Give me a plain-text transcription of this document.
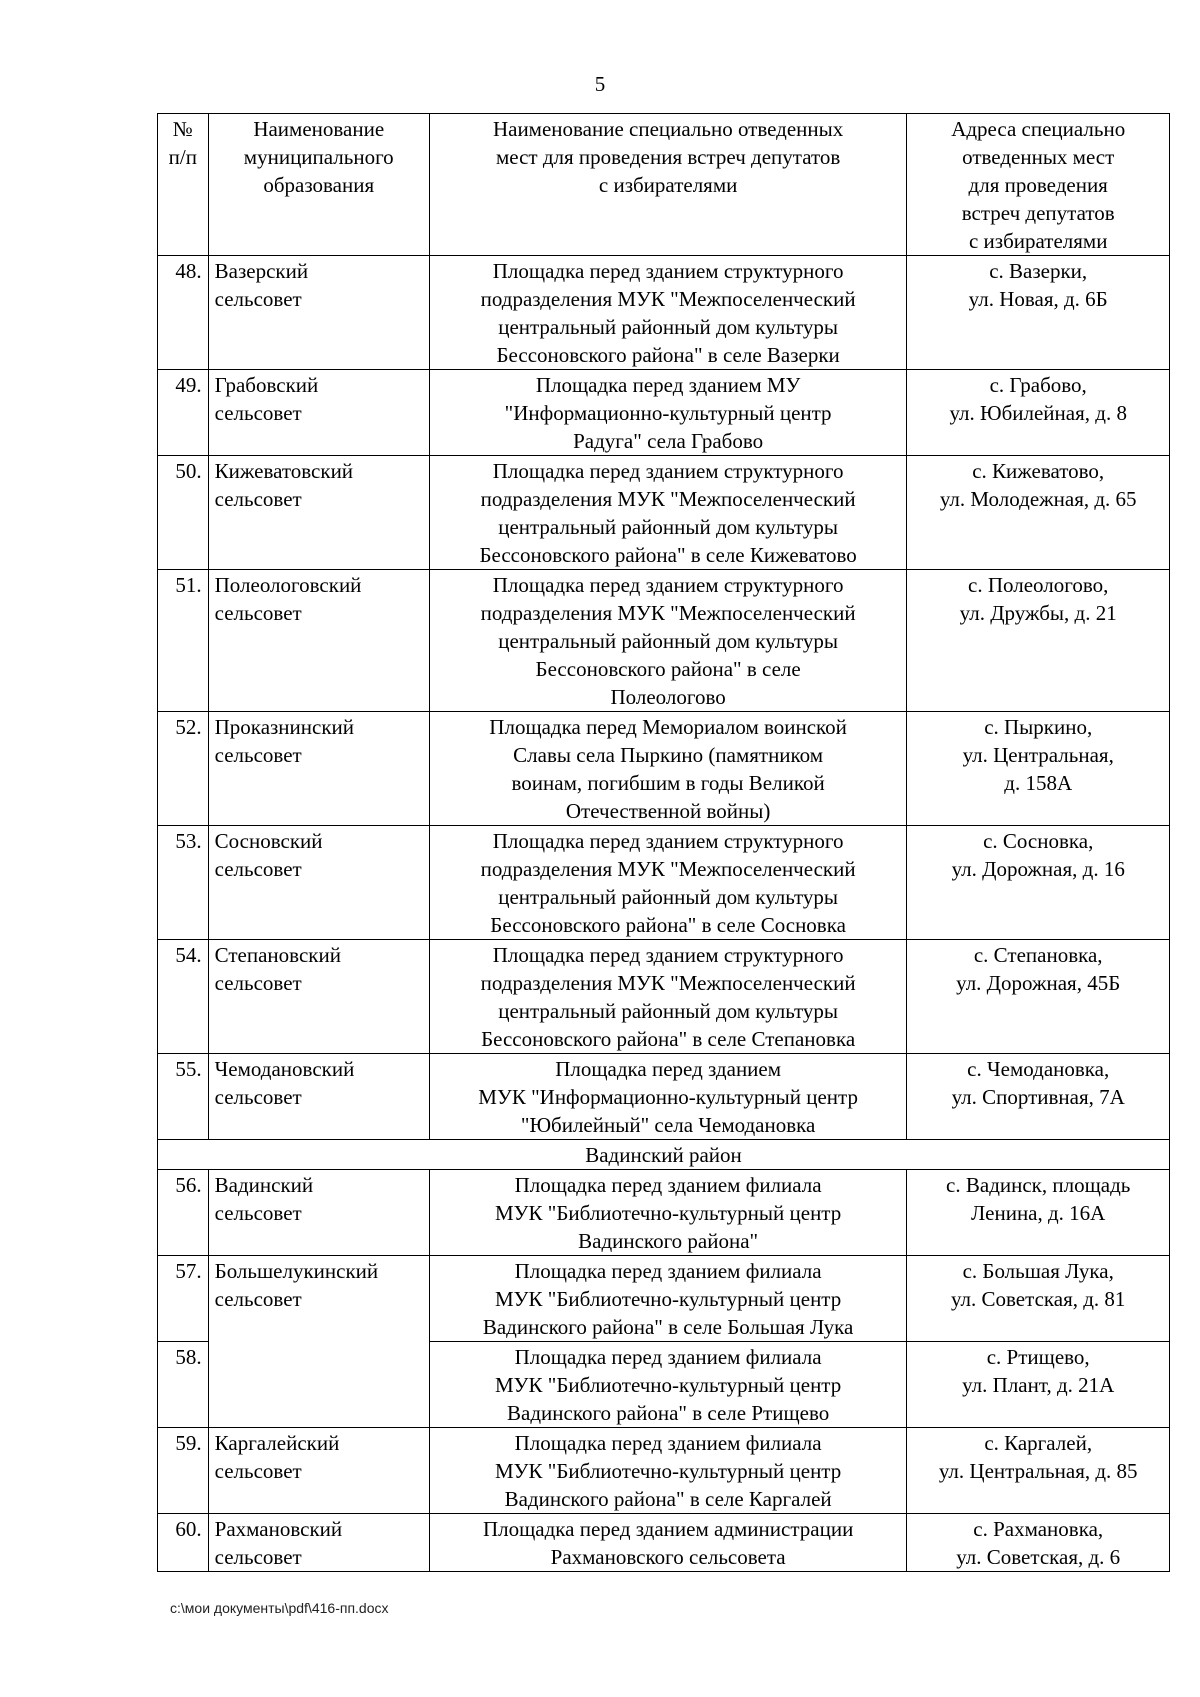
5
№
п/п	Наименование
муниципального
образования	Наименование специально отведенных
мест для проведения встреч депутатов
с избирателями	Адреса специально
отведенных мест
для проведения
встреч депутатов
с избирателями
48.	Вазерский
сельсовет	Площадка перед зданием структурного
подразделения МУК "Межпоселенческий
центральный районный дом культуры
Бессоновского района" в селе Вазерки	с. Вазерки,
ул. Новая, д. 6Б
49.	Грабовский
сельсовет	Площадка перед зданием МУ
"Информационно-культурный центр
Радуга" села Грабово	с. Грабово,
ул. Юбилейная, д. 8
50.	Кижеватовский
сельсовет	Площадка перед зданием структурного
подразделения МУК "Межпоселенческий
центральный районный дом культуры
Бессоновского района" в селе Кижеватово	с. Кижеватово,
ул. Молодежная, д. 65
51.	Полеологовский
сельсовет	Площадка перед зданием структурного
подразделения МУК "Межпоселенческий
центральный районный дом культуры
Бессоновского района" в селе
Полеологово	с. Полеологово,
ул. Дружбы, д. 21
52.	Проказнинский
сельсовет	Площадка перед Мемориалом воинской
Славы села Пыркино (памятником
воинам, погибшим в годы Великой
Отечественной войны)	с. Пыркино,
ул. Центральная,
д. 158А
53.	Сосновский
сельсовет	Площадка перед зданием структурного
подразделения МУК "Межпоселенческий
центральный районный дом культуры
Бессоновского района" в селе Сосновка	с. Сосновка,
ул. Дорожная, д. 16
54.	Степановский
сельсовет	Площадка перед зданием структурного
подразделения МУК "Межпоселенческий
центральный районный дом культуры
Бессоновского района" в селе Степановка	с. Степановка,
ул. Дорожная, 45Б
55.	Чемодановский
сельсовет	Площадка перед зданием
МУК "Информационно-культурный центр
"Юбилейный" села Чемодановка	с. Чемодановка,
ул. Спортивная, 7А
Вадинский район			
56.	Вадинский
сельсовет	Площадка перед зданием филиала
МУК "Библиотечно-культурный центр
Вадинского района"	с. Вадинск, площадь
Ленина, д. 16А
57.	Большелукинский
сельсовет	Площадка перед зданием филиала
МУК "Библиотечно-культурный центр
Вадинского района" в селе Большая Лука	с. Большая Лука,
ул. Советская, д. 81
58.		Площадка перед зданием филиала
МУК "Библиотечно-культурный центр
Вадинского района" в селе Ртищево	с. Ртищево,
ул. Плант, д. 21А
59.	Каргалейский
сельсовет	Площадка перед зданием филиала
МУК "Библиотечно-культурный центр
Вадинского района" в селе Каргалей	с. Каргалей,
ул. Центральная, д. 85
60.	Рахмановский
сельсовет	Площадка перед зданием администрации
Рахмановского сельсовета	с. Рахмановка,
ул. Советская, д. 6
c:\мои документы\pdf\416-пп.docx
